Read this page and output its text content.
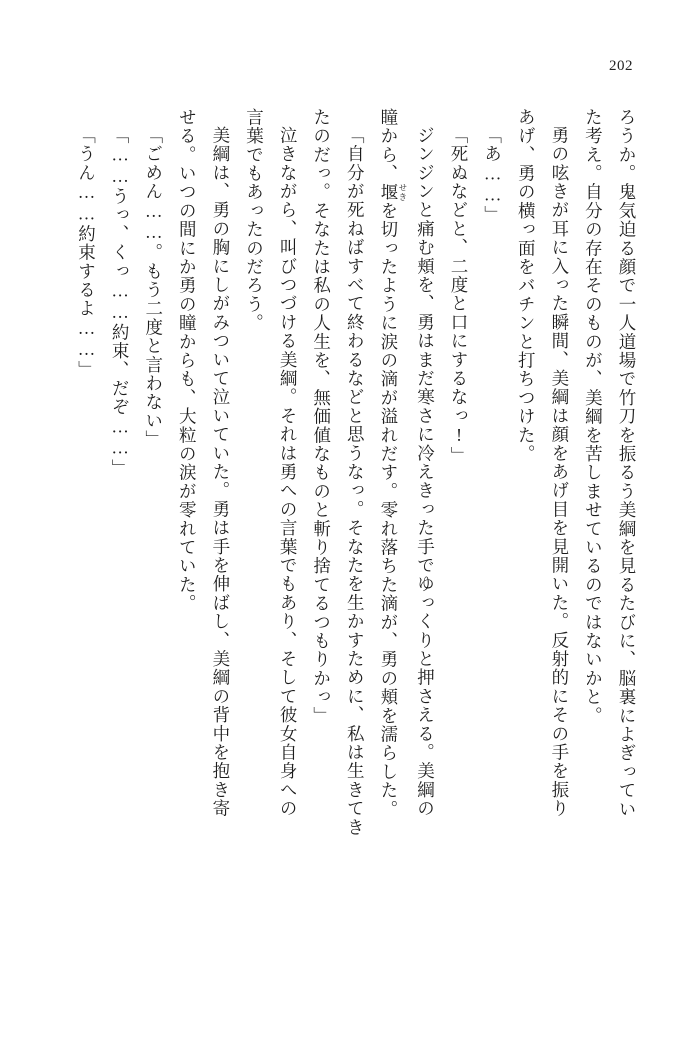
202

ろうか。鬼気迫る顔で一人道場で竹刀を振るう美綱を見るたびに、脳裏によぎってい

た考え。自分の存在そのものが、美綱を苦しませているのではないかと。

勇の呟きが耳に入った瞬間、美綱は顔をあげ目を見開いた。反射的にその手を振り

あげ、勇の横っ面をバチンと打ちつけた。

「あ……」

「死ぬなどと、二度と口にするなっ!」

ジンジンと痛む頬を、勇はまだ寒さに冷えきった手でゆっくりと押さえる。美綱の

瞳から、堰 せきを切ったように涙の滴が溢れだす。零れ落ちた滴が、勇の頬を濡らした。

「自分が死ねばすべて終わるなどと思うなっ。そなたを生かすために、私は生きてき

たのだっ。そなたは私の人生を、無価値なものと斬り捨てるつもりかっ」

泣きながら、叫びつづける美綱。それは勇への言葉でもあり、そして彼女自身への

言葉でもあったのだろう。

美綱は、勇の胸にしがみついて泣いていた。勇は手を伸ばし、美綱の背中を抱き寄

せる。いつの間にか勇の瞳からも、大粒の涙が零れていた。

「ごめん……。もう二度と言わない」

「……うっ、くっ……約束、だぞ……」

「うん……約束するよ……」
